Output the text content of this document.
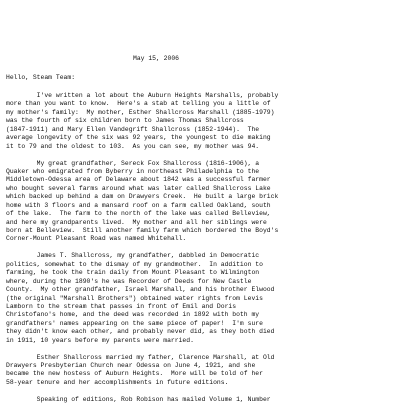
May 15, 2006

Hello, Steam Team:

I've written a lot about the Auburn Heights Marshalls, probably
more than you want to know.  Here's a stab at telling you a little of
my mother's family:  My mother, Esther Shallcross Marshall (1885-1979)
was the fourth of six children born to James Thomas Shallcross
(1847-1911) and Mary Ellen Vandegrift Shallcross (1852-1944).  The
average longevity of the six was 92 years, the youngest to die making
it to 79 and the oldest to 103.  As you can see, my mother was 94.
My great grandfather, Sereck Fox Shallcross (1816-1906), a
Quaker who emigrated from Byberry in northeast Philadelphia to the
Middletown-Odessa area of Delaware about 1842 was a successful farmer
who bought several farms around what was later called Shallcross Lake
which backed up behind a dam on Drawyers Creek.  He built a large brick
home with 3 floors and a mansard roof on a farm called Oakland, south
of the lake.  The farm to the north of the lake was called Belleview,
and here my grandparents lived.  My mother and all her siblings were
born at Belleview.  Still another family farm which bordered the Boyd's
Corner-Mount Pleasant Road was named Whitehall.
James T. Shallcross, my grandfather, dabbled in Democratic
politics, somewhat to the dismay of my grandmother.  In addition to
farming, he took the train daily from Mount Pleasant to Wilmington
where, during the 1890's he was Recorder of Deeds for New Castle
County.  My other grandfather, Israel Marshall, and his brother Elwood
(the original "Marshall Brothers") obtained water rights from Levis
Lamborn to the stream that passes in front of Emil and Doris
Christofano's home, and the deed was recorded in 1892 with both my
grandfathers' names appearing on the same piece of paper!  I'm sure
they didn't know each other, and probably never did, as they both died
in 1911, 10 years before my parents were married.
Esther Shallcross married my father, Clarence Marshall, at Old
Drawyers Presbyterian Church near Odessa on June 4, 1921, and she
became the new hostess of Auburn Heights.  More will be told of her
58-year tenure and her accomplishments in future editions.
Speaking of editions, Rob Robison has mailed Volume 1, Number
